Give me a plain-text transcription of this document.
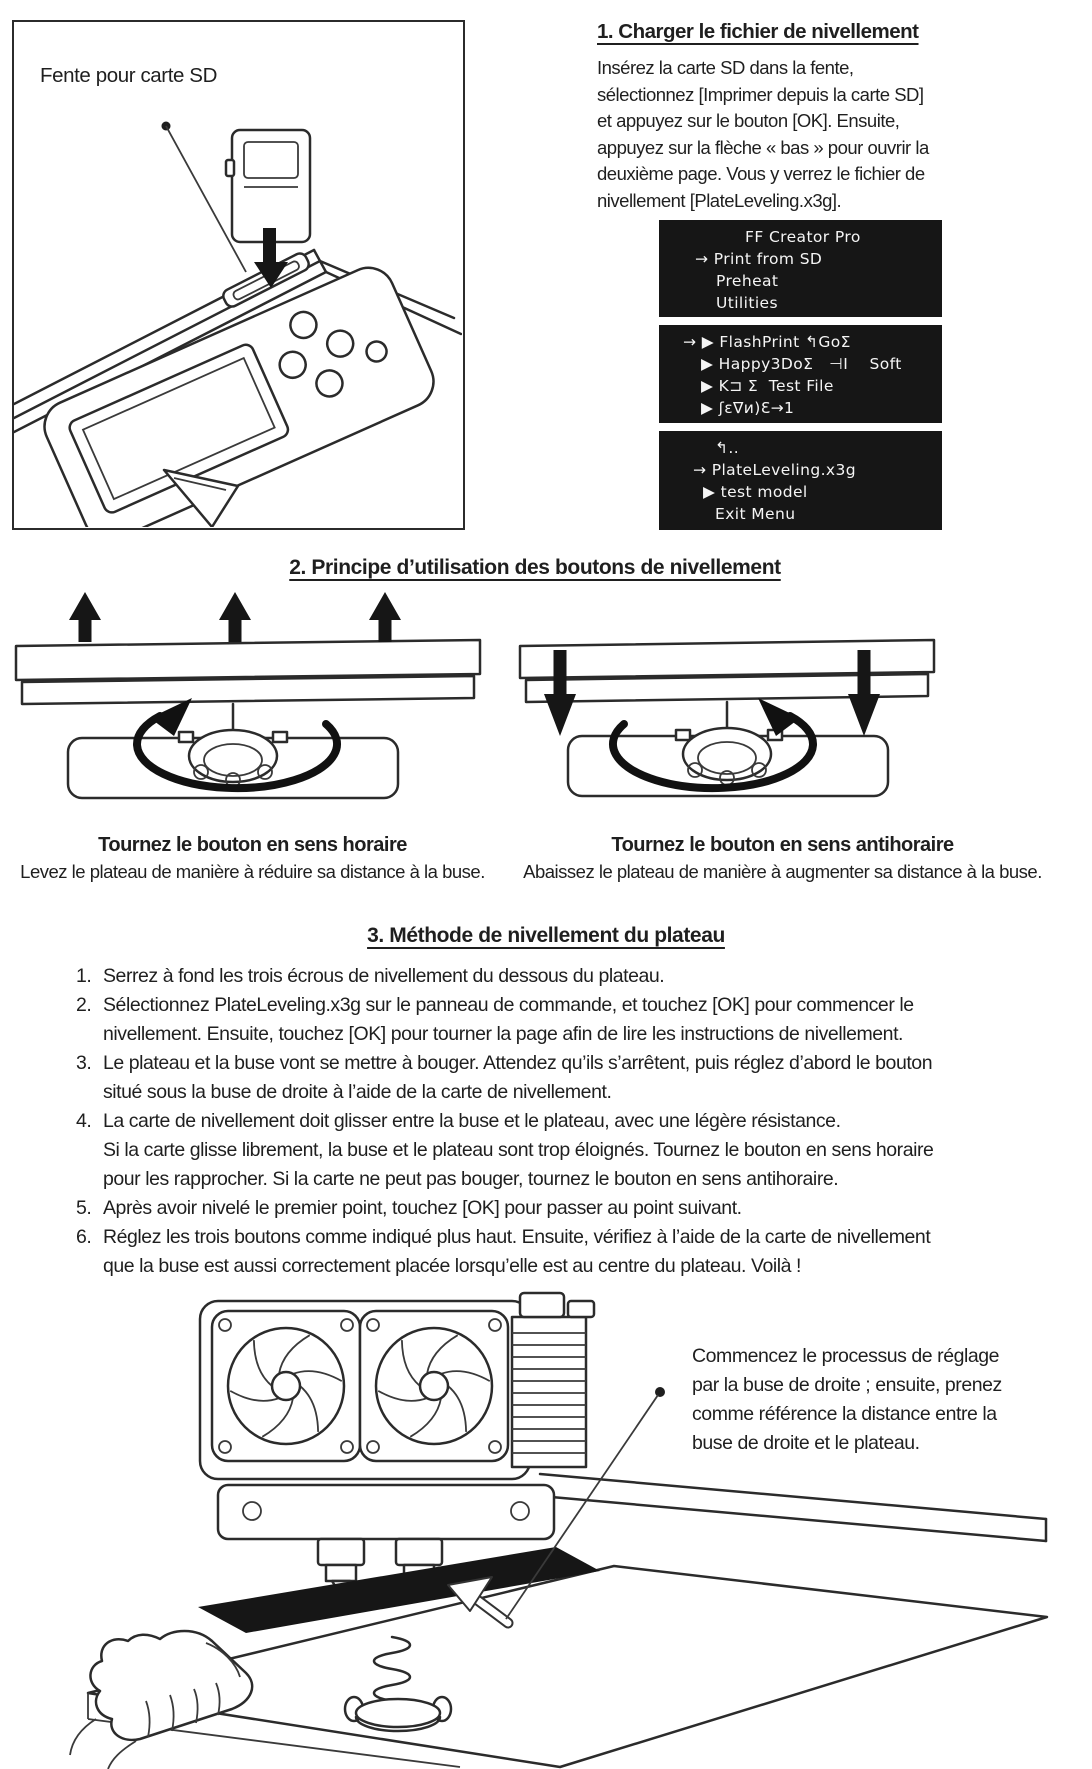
Fente pour carte SD
1. Charger le fichier de nivellement
Insérez la carte SD dans la fente,
sélectionnez [Imprimer depuis la carte SD]
et appuyez sur le bouton [OK]. Ensuite,
appuyez sur la flèche « bas » pour ouvrir la
deuxième page. Vous y verrez le fichier de
nivellement [PlateLeveling.x3g].
FF Creator Pro
→ Print from SD
Preheat
Utilities
→ ▶ FlashPrint ↰GoΣ
▶ Happy3DoΣ   ⊣I    Soft
▶ K⊐ Σ  Test File
▶ ʃɛ∇ᴎ)Ɛ→1
↰..
→ PlateLeveling.x3g
▶ test model
Exit Menu
2. Principe d’utilisation des boutons de nivellement
Tournez le bouton en sens horaire
Levez le plateau de manière à réduire sa distance à la buse.
Tournez le bouton en sens antihoraire
Abaissez le plateau de manière à augmenter sa distance à la buse.
3. Méthode de nivellement du plateau
1. Serrez à fond les trois écrous de nivellement du dessous du plateau.
2. Sélectionnez PlateLeveling.x3g sur le panneau de commande, et touchez [OK] pour commencer le
nivellement. Ensuite, touchez [OK] pour tourner la page afin de lire les instructions de nivellement.
3. Le plateau et la buse vont se mettre à bouger. Attendez qu’ils s’arrêtent, puis réglez d’abord le bouton
situé sous la buse de droite à l’aide de la carte de nivellement.
4. La carte de nivellement doit glisser entre la buse et le plateau, avec une légère résistance.
Si la carte glisse librement, la buse et le plateau sont trop éloignés. Tournez le bouton en sens horaire
pour les rapprocher. Si la carte ne peut pas bouger, tournez le bouton en sens antihoraire.
5. Après avoir nivelé le premier point, touchez [OK] pour passer au point suivant.
6. Réglez les trois boutons comme indiqué plus haut. Ensuite, vérifiez à l’aide de la carte de nivellement
que la buse est aussi correctement placée lorsqu’elle est au centre du plateau. Voilà !
Commencez le processus de réglage
par la buse de droite ; ensuite, prenez
comme référence la distance entre la
buse de droite et le plateau.
